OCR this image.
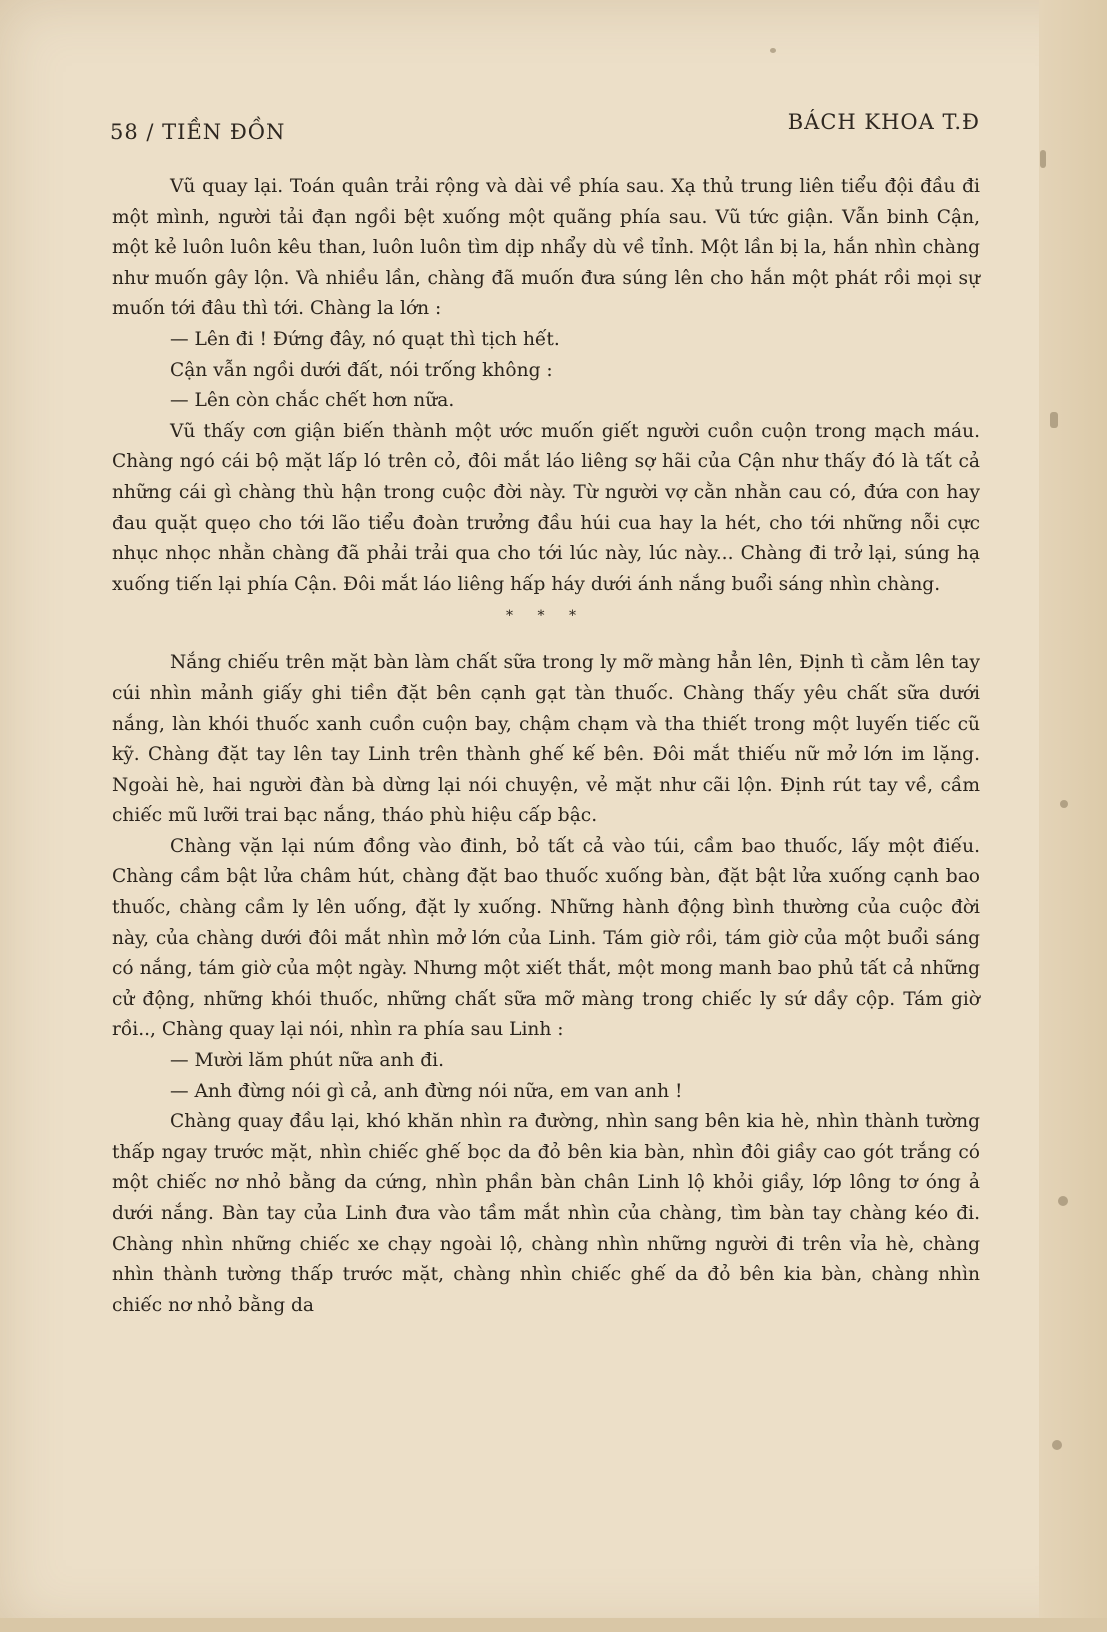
58 / TIỀN ĐỒN	BÁCH KHOA T.Đ

Vũ quay lại. Toán quân trải rộng và dài về phía sau. Xạ thủ trung liên tiểu đội đầu đi một mình, người tải đạn ngồi bệt xuống một quãng phía sau. Vũ tức giận. Vẫn binh Cận, một kẻ luôn luôn kêu than, luôn luôn tìm dịp nhẩy dù về tỉnh. Một lần bị la, hắn nhìn chàng như muốn gây lộn. Và nhiều lần, chàng đã muốn đưa súng lên cho hắn một phát rồi mọi sự muốn tới đâu thì tới. Chàng la lớn :

— Lên đi ! Đứng đây, nó quạt thì tịch hết.

Cận vẫn ngồi dưới đất, nói trống không :

— Lên còn chắc chết hơn nữa.

Vũ thấy cơn giận biến thành một ước muốn giết người cuồn cuộn trong mạch máu. Chàng ngó cái bộ mặt lấp ló trên cỏ, đôi mắt láo liêng sợ hãi của Cận như thấy đó là tất cả những cái gì chàng thù hận trong cuộc đời này. Từ người vợ cằn nhằn cau có, đứa con hay đau quặt quẹo cho tới lão tiểu đoàn trưởng đầu húi cua hay la hét, cho tới những nỗi cực nhục nhọc nhằn chàng đã phải trải qua cho tới lúc này, lúc này... Chàng đi trở lại, súng hạ xuống tiến lại phía Cận. Đôi mắt láo liêng hấp háy dưới ánh nắng buổi sáng nhìn chàng.

* * *

Nắng chiếu trên mặt bàn làm chất sữa trong ly mỡ màng hẳn lên, Định tì cằm lên tay cúi nhìn mảnh giấy ghi tiền đặt bên cạnh gạt tàn thuốc. Chàng thấy yêu chất sữa dưới nắng, làn khói thuốc xanh cuồn cuộn bay, chậm chạm và tha thiết trong một luyến tiếc cũ kỹ. Chàng đặt tay lên tay Linh trên thành ghế kế bên. Đôi mắt thiếu nữ mở lớn im lặng. Ngoài hè, hai người đàn bà dừng lại nói chuyện, vẻ mặt như cãi lộn. Định rút tay về, cầm chiếc mũ lưỡi trai bạc nắng, tháo phù hiệu cấp bậc.

Chàng vặn lại núm đồng vào đinh, bỏ tất cả vào túi, cầm bao thuốc, lấy một điếu. Chàng cầm bật lửa châm hút, chàng đặt bao thuốc xuống bàn, đặt bật lửa xuống cạnh bao thuốc, chàng cầm ly lên uống, đặt ly xuống. Những hành động bình thường của cuộc đời này, của chàng dưới đôi mắt nhìn mở lớn của Linh. Tám giờ rồi, tám giờ của một buổi sáng có nắng, tám giờ của một ngày. Nhưng một xiết thắt, một mong manh bao phủ tất cả những cử động, những khói thuốc, những chất sữa mỡ màng trong chiếc ly sứ dầy cộp. Tám giờ rồi.., Chàng quay lại nói, nhìn ra phía sau Linh :

— Mười lăm phút nữa anh đi.

— Anh đừng nói gì cả, anh đừng nói nữa, em van anh !

Chàng quay đầu lại, khó khăn nhìn ra đường, nhìn sang bên kia hè, nhìn thành tường thấp ngay trước mặt, nhìn chiếc ghế bọc da đỏ bên kia bàn, nhìn đôi giầy cao gót trắng có một chiếc nơ nhỏ bằng da cứng, nhìn phần bàn chân Linh lộ khỏi giầy, lớp lông tơ óng ả dưới nắng. Bàn tay của Linh đưa vào tầm mắt nhìn của chàng, tìm bàn tay chàng kéo đi. Chàng nhìn những chiếc xe chạy ngoài lộ, chàng nhìn những người đi trên vỉa hè, chàng nhìn thành tường thấp trước mặt, chàng nhìn chiếc ghế da đỏ bên kia bàn, chàng nhìn chiếc nơ nhỏ bằng da
